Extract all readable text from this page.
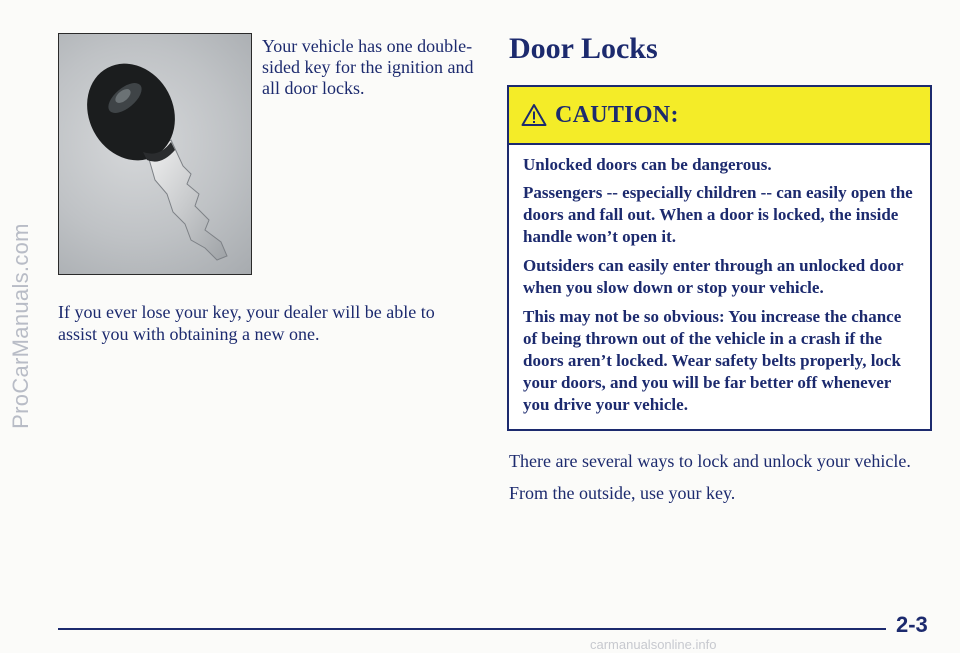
ProCarManuals.com

Your vehicle has one double-sided key for the ignition and all door locks.

If you ever lose your key, your dealer will be able to assist you with obtaining a new one.

Door Locks
CAUTION:

Unlocked doors can be dangerous.

Passengers -- especially children -- can easily open the doors and fall out. When a door is locked, the inside handle won’t open it.

Outsiders can easily enter through an unlocked door when you slow down or stop your vehicle.

This may not be so obvious: You increase the chance of being thrown out of the vehicle in a crash if the doors aren’t locked. Wear safety belts properly, lock your doors, and you will be far better off whenever you drive your vehicle.

There are several ways to lock and unlock your vehicle.

From the outside, use your key.

2-3
carmanualsonline.info
